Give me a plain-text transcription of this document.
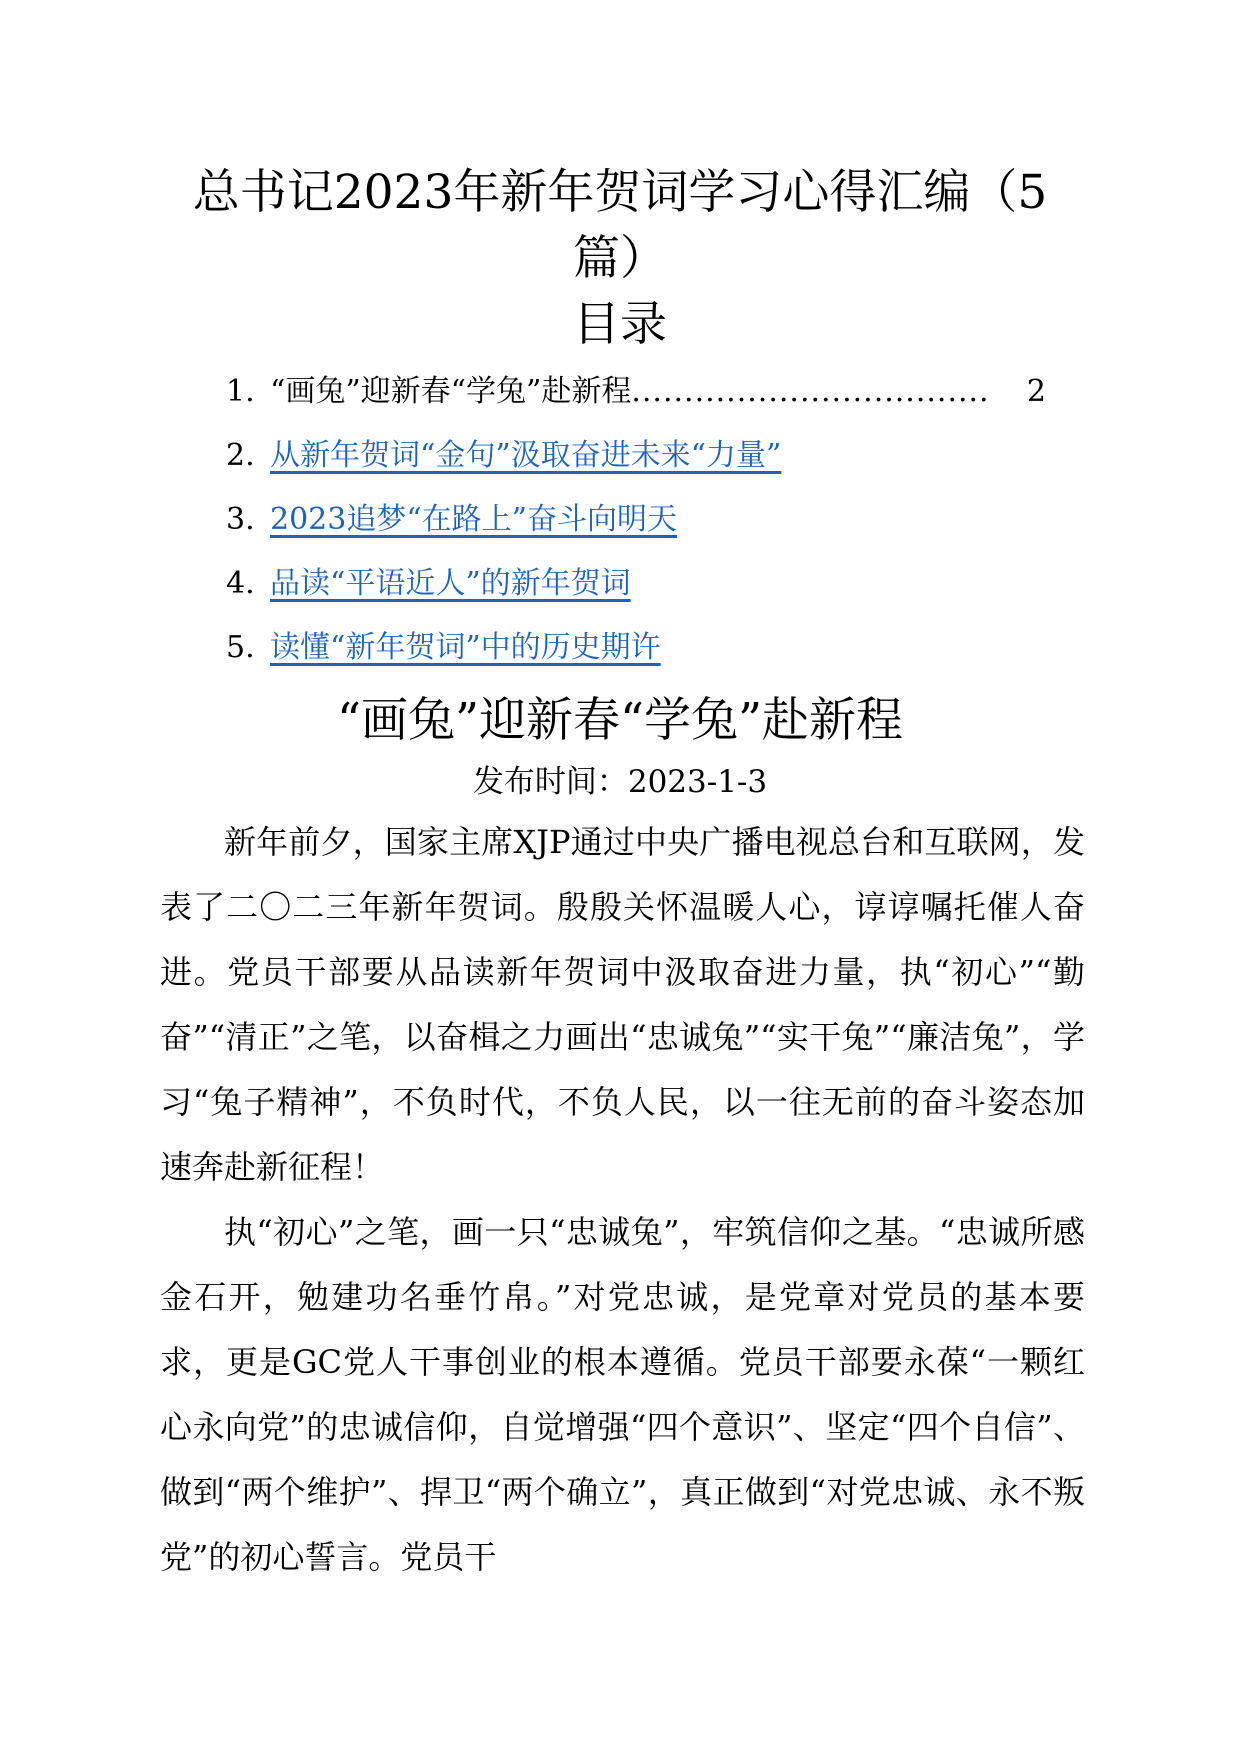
总书记2023年新年贺词学习心得汇编（5篇）
目录
1. “画兔”迎新春“学兔”赴新程 ..................................	2
2. 从新年贺词“金句”汲取奋进未来“力量”
3. 2023追梦“在路上”奋斗向明天
4. 品读“平语近人”的新年贺词
5. 读懂“新年贺词”中的历史期许
“画兔”迎新春“学兔”赴新程
发布时间：2023-1-3

新年前夕，国家主席XJP通过中央广播电视总台和互联网，发表了二〇二三年新年贺词。殷殷关怀温暖人心，谆谆嘱托催人奋进。党员干部要从品读新年贺词中汲取奋进力量，执“初心”“勤奋”“清正”之笔，以奋楫之力画出“忠诚兔”“实干兔”“廉洁兔”，学习“兔子精神”，不负时代，不负人民，以一往无前的奋斗姿态加速奔赴新征程！

执“初心”之笔，画一只“忠诚兔”，牢筑信仰之基。“忠诚所感金石开，勉建功名垂竹帛。”对党忠诚，是党章对党员的基本要求，更是GC党人干事创业的根本遵循。党员干部要永葆“一颗红心永向党”的忠诚信仰，自觉增强“四个意识”、坚定“四个自信”、做到“两个维护”、捍卫“两个确立”，真正做到“对党忠诚、永不叛党”的初心誓言。党员干
